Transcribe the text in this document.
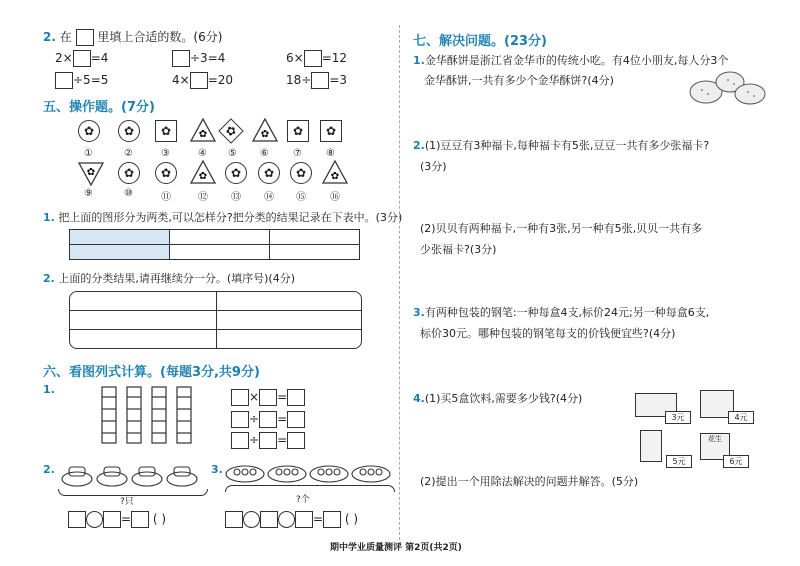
2. 在 里填上合适的数。(6分)
2× =4	÷3=4	6× =12
÷5=5	4× =20	18÷ =3
五、操作题。(7分)
✿	✿	✿	✿	✿	✿	✿	✿
①	②	③	④ ⑤ ⑥ ⑦ ⑧
✿	✿	✿	✿	✿	✿	✿	✿
⑨	⑩	⑪	⑫ ⑬ ⑭ ⑮ ⑯
1. 把上面的图形分为两类,可以怎样分?把分类的结果记录在下表中。(3分)

2. 上面的分类结果,请再继续分一分。(填序号)(4分)
六、看图列式计算。(每题3分,共9分)
1.
× =
÷ =
÷ =
2.
?只
= ( )
3.
?个
= ( )
七、解决问题。(23分)
1.金华酥饼是浙江省金华市的传统小吃。有4位小朋友,每人分3个
金华酥饼,一共有多少个金华酥饼?(4分)
2.(1)豆豆有3种福卡,每种福卡有5张,豆豆一共有多少张福卡?
(3分)
(2)贝贝有两种福卡,一种有3张,另一种有5张,贝贝一共有多
少张福卡?(3分)
3.有两种包装的钢笔:一种每盒4支,标价24元;另一种每盒6支,
标价30元。哪种包装的钢笔每支的价钱便宜些?(4分)
4.(1)买5盒饮料,需要多少钱?(4分)
3元	4元
5元
花生
6元
(2)提出一个用除法解决的问题并解答。(5分)
期中学业质量测评 第2页(共2页)
